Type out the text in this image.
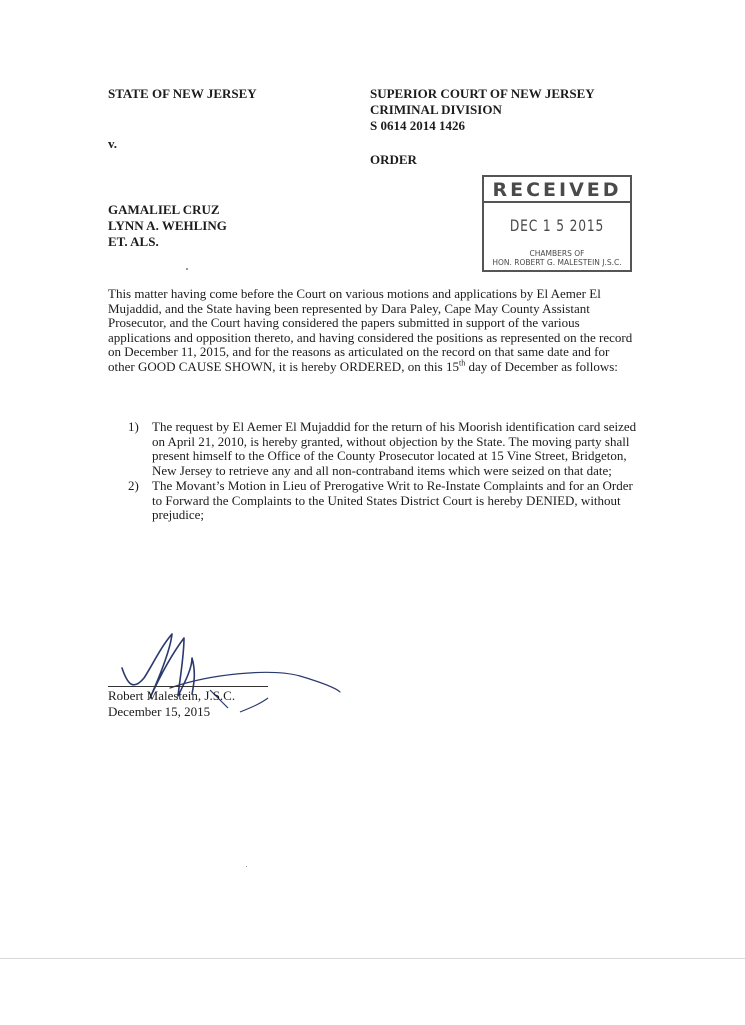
STATE OF NEW JERSEY	SUPERIOR COURT OF NEW JERSEY
CRIMINAL DIVISION
S 0614 2014 1426
v.
ORDER
GAMALIEL CRUZ
LYNN A. WEHLING
ET. ALS.
RECEIVED
DEC 1 5 2015
CHAMBERS OF
HON. ROBERT G. MALESTEIN J.S.C.
This matter having come before the Court on various motions and applications by El Aemer El Mujaddid, and the State having been represented by Dara Paley, Cape May County Assistant Prosecutor, and the Court having considered the papers submitted in support of the various applications and opposition thereto, and having considered the positions as represented on the record on December 11, 2015, and for the reasons as articulated on the record on that same date and for other GOOD CAUSE SHOWN, it is hereby ORDERED, on this 15th day of December as follows:
1)	The request by El Aemer El Mujaddid for the return of his Moorish identification card seized on April 21, 2010, is hereby granted, without objection by the State. The moving party shall present himself to the Office of the County Prosecutor located at 15 Vine Street, Bridgeton, New Jersey to retrieve any and all non-contraband items which were seized on that date;
2)	The Movant’s Motion in Lieu of Prerogative Writ to Re-Instate Complaints and for an Order to Forward the Complaints to the United States District Court is hereby DENIED, without prejudice;
Robert Malestein, J.S.C.
December 15, 2015
